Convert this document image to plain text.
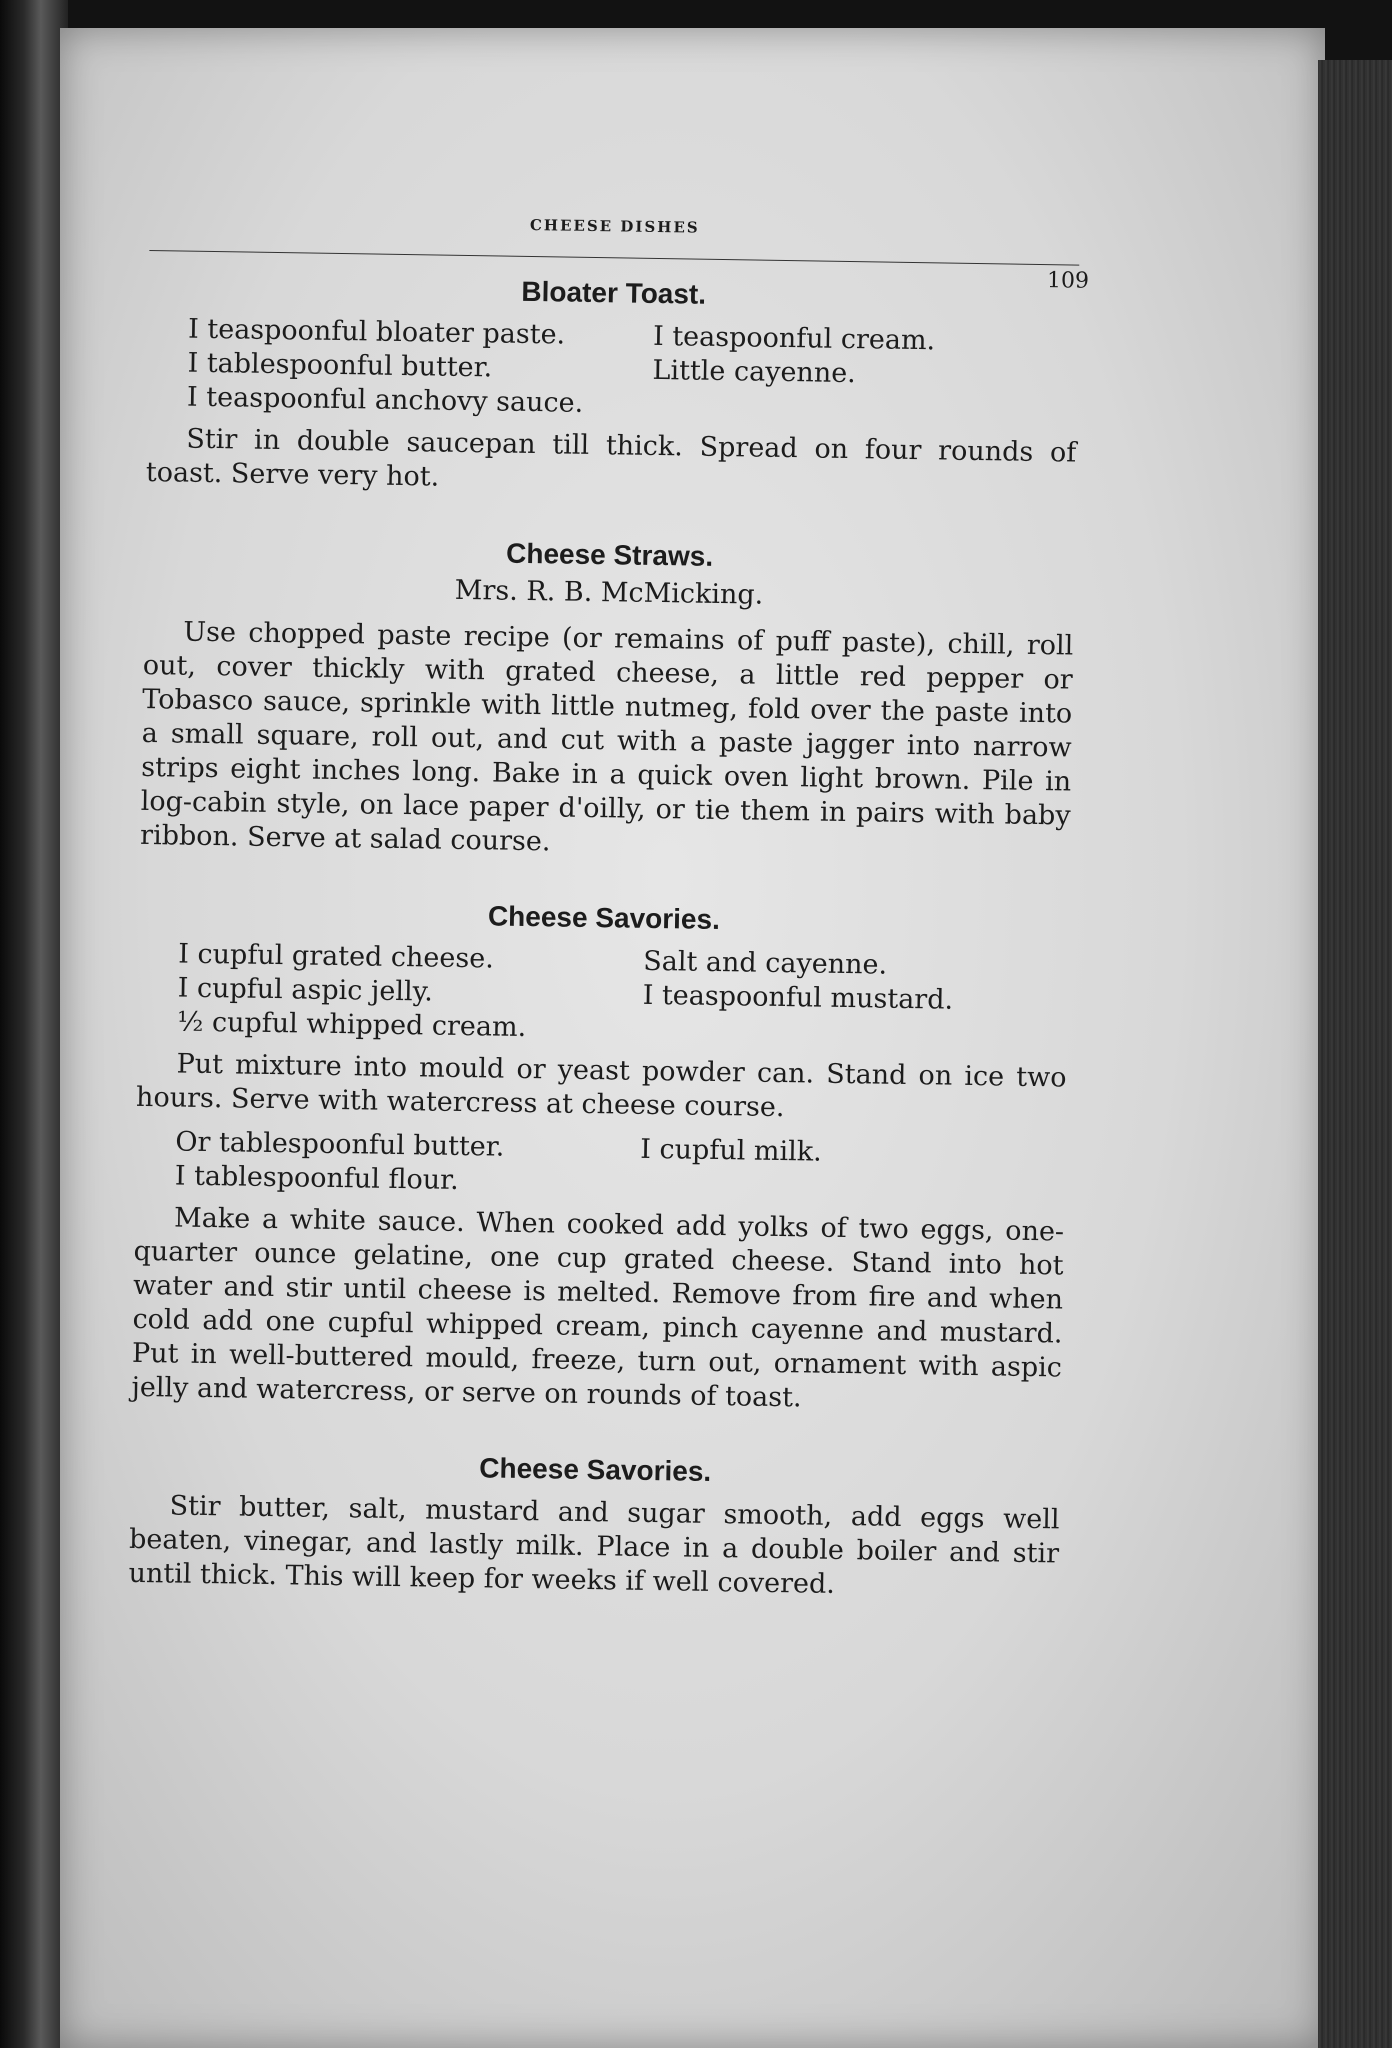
CHEESE DISHES
109
Bloater Toast.
I teaspoonful bloater paste.
I tablespoonful butter.
I teaspoonful anchovy sauce.
I teaspoonful cream.
Little cayenne.

Stir in double saucepan till thick. Spread on four rounds of toast. Serve very hot.

Cheese Straws.
Mrs. R. B. McMicking.

Use chopped paste recipe (or remains of puff paste), chill, roll out, cover thickly with grated cheese, a little red pepper or Tobasco sauce, sprinkle with little nutmeg, fold over the paste into a small square, roll out, and cut with a paste jagger into narrow strips eight inches long. Bake in a quick oven light brown. Pile in log-cabin style, on lace paper d'oilly, or tie them in pairs with baby ribbon. Serve at salad course.

Cheese Savories.
I cupful grated cheese.
I cupful aspic jelly.
½ cupful whipped cream.
Salt and cayenne.
I teaspoonful mustard.

Put mixture into mould or yeast powder can. Stand on ice two hours. Serve with watercress at cheese course.

Or tablespoonful butter.
I tablespoonful flour.
I cupful milk.

Make a white sauce. When cooked add yolks of two eggs, one-quarter ounce gelatine, one cup grated cheese. Stand into hot water and stir until cheese is melted. Remove from fire and when cold add one cupful whipped cream, pinch cayenne and mustard. Put in well-buttered mould, freeze, turn out, ornament with aspic jelly and watercress, or serve on rounds of toast.

Cheese Savories.

Stir butter, salt, mustard and sugar smooth, add eggs well beaten, vinegar, and lastly milk. Place in a double boiler and stir until thick. This will keep for weeks if well covered.
